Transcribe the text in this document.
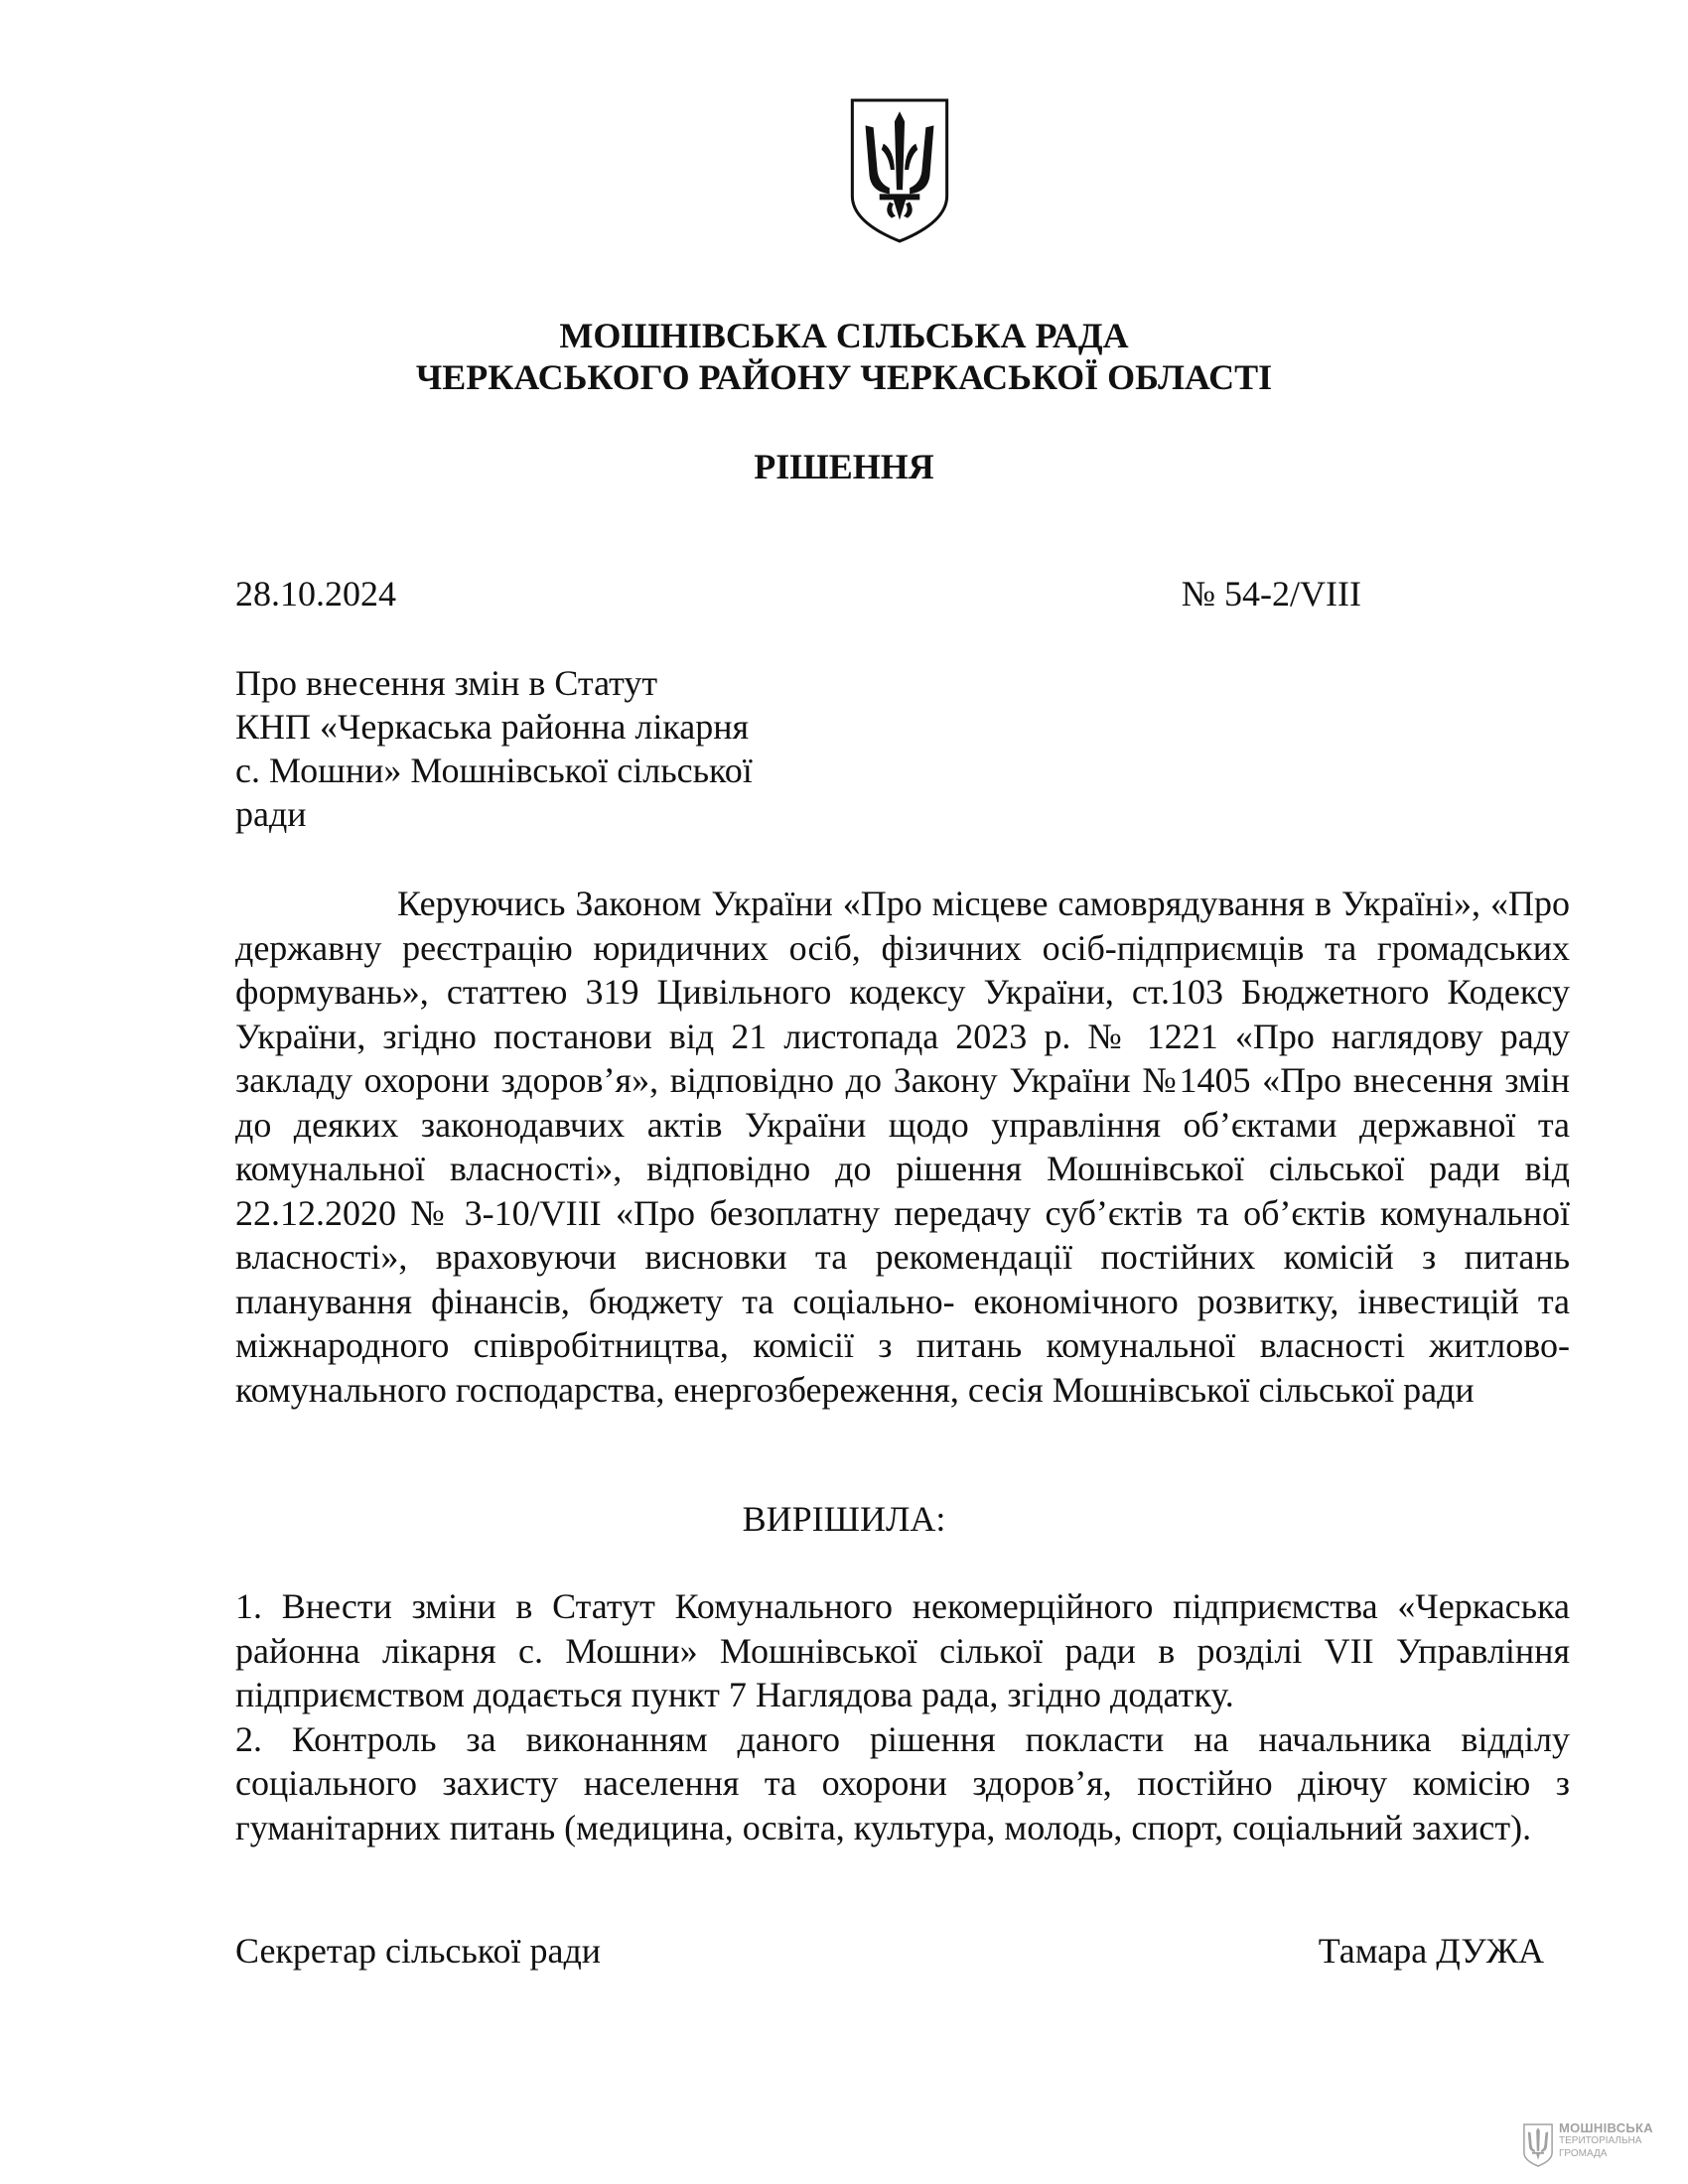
МОШНІВСЬКА СІЛЬСЬКА РАДА
ЧЕРКАСЬКОГО РАЙОНУ ЧЕРКАСЬКОЇ ОБЛАСТІ
РІШЕННЯ
28.10.2024	№ 54-2/VIII
Про внесення змін в Статут
КНП «Черкаська районна лікарня
с. Мошни» Мошнівської сільської
ради

Керуючись Законом України «Про місцеве самоврядування в Україні», «Про державну реєстрацію юридичних осіб, фізичних осіб-підприємців та громадських формувань», статтею 319 Цивільного кодексу України, ст.103 Бюджетного Кодексу України, згідно постанови від 21 листопада 2023 р. № 1221 «Про наглядову раду закладу охорони здоров’я», відповідно до Закону України №1405 «Про внесення змін до деяких законодавчих актів України щодо управління об’єктами державної та комунальної власності», відповідно до рішення Мошнівської сільської ради від 22.12.2020 № 3-10/VIII «Про безоплатну передачу суб’єктів та об’єктів комунальної власності», враховуючи висновки та рекомендації постійних комісій з питань планування фінансів, бюджету та соціально- економічного розвитку, інвестицій та міжнародного співробітництва, комісії з питань комунальної власності житлово-комунального господарства, енергозбереження, сесія Мошнівської сільської ради

ВИРІШИЛА:

1. Внести зміни в Статут Комунального некомерційного підприємства «Черкаська районна лікарня с. Мошни» Мошнівської сілької ради в розділі VII Управління підприємством додається пункт 7 Наглядова рада, згідно додатку.

2. Контроль за виконанням даного рішення покласти на начальника відділу соціального захисту населення та охорони здоров’я, постійно діючу комісію з гуманітарних питань (медицина, освіта, культура, молодь, спорт, соціальний захист).

Секретар сільської ради	Тамара ДУЖА
МОШНІВСЬКА
ТЕРИТОРІАЛЬНА
ГРОМАДА
